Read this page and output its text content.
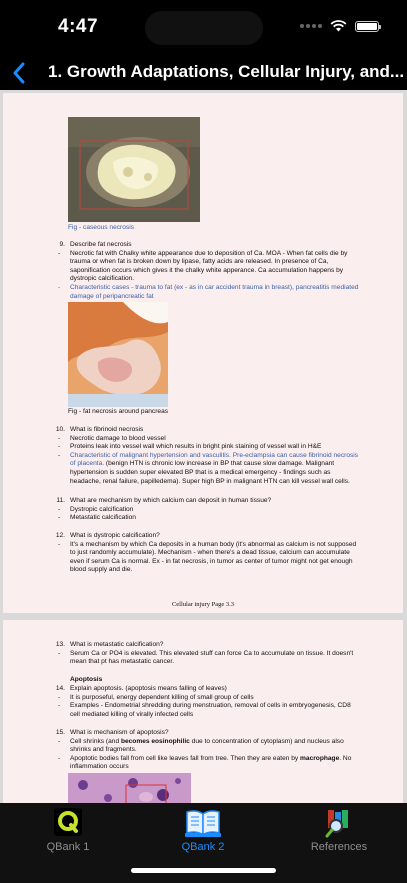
4:47
1. Growth Adaptations, Cellular Injury, and...
Fig - caseous necrosis
9. Describe fat necrosis
- Necrotic fat with Chalky white appearance due to deposition of Ca. MOA - When fat cells die by trauma or when fat is broken down by lipase, fatty acids are released. In presence of Ca, saponification occurs which gives it the chalky white apperance. Ca accumulation happens by dystropic calcification.
- Characteristic cases - trauma to fat (ex - as in car accident trauma in breast), pancreatitis mediated damage of peripancreatic fat
Fig - fat necrosis around pancreas
10. What is fibrinoid necrosis
- Necrotic damage to blood vessel
- Proteins leak into vessel wall which results in bright pink staining of vessel wall in H&E
- Characteristic of malignant hypertension and vasculitis. Pre-eclampsia can cause fibrinoid necrosis of placenta. (benign HTN is chronic low increase in BP that cause slow damage. Malignant hypertension is sudden super elevated BP that is a medical emergency - findings such as headache, renal failure, papilledema). Super high BP in malignant HTN can kill vessel wall cells.
11. What are mechanism by which calcium can deposit in human tissue?
- Dystropic calcification
- Metastatic calcification
12. What is dystropic calcification?
- It's a mechanism by which Ca deposits in a human body (it's abnormal as calcium is not supposed to just randomly accumulate). Mechanism - when there's a dead tissue, calcium can accumulate even if serum Ca is normal. Ex - in fat necrosis, in tumor as center of tumor might not get enough blood supply and die.
Cellular injury Page 3.3
13. What is metastatic calcification?
- Serum Ca or PO4 is elevated. This elevated stuff can force Ca to accumulate on tissue. It doesn't mean that pt has metastatic cancer.
Apoptosis
14. Explain apoptosis. (apoptosis means falling of leaves)
- It is purposeful, energy dependent killing of small group of cells
- Examples - Endometrial shredding during menstruation, removal of cells in embryogenesis, CD8 cell mediated killing of virally infected cells
15. What is mechanism of apoptosis?
- Cell shrinks (and becomes eosinophilic due to concentration of cytoplasm) and nucleus also shrinks and fragments.
- Apoptotic bodies fall from cell like leaves fall from tree. Then they are eaten by macrophage. No inflammation occurs
QBank 1	QBank 2	References
